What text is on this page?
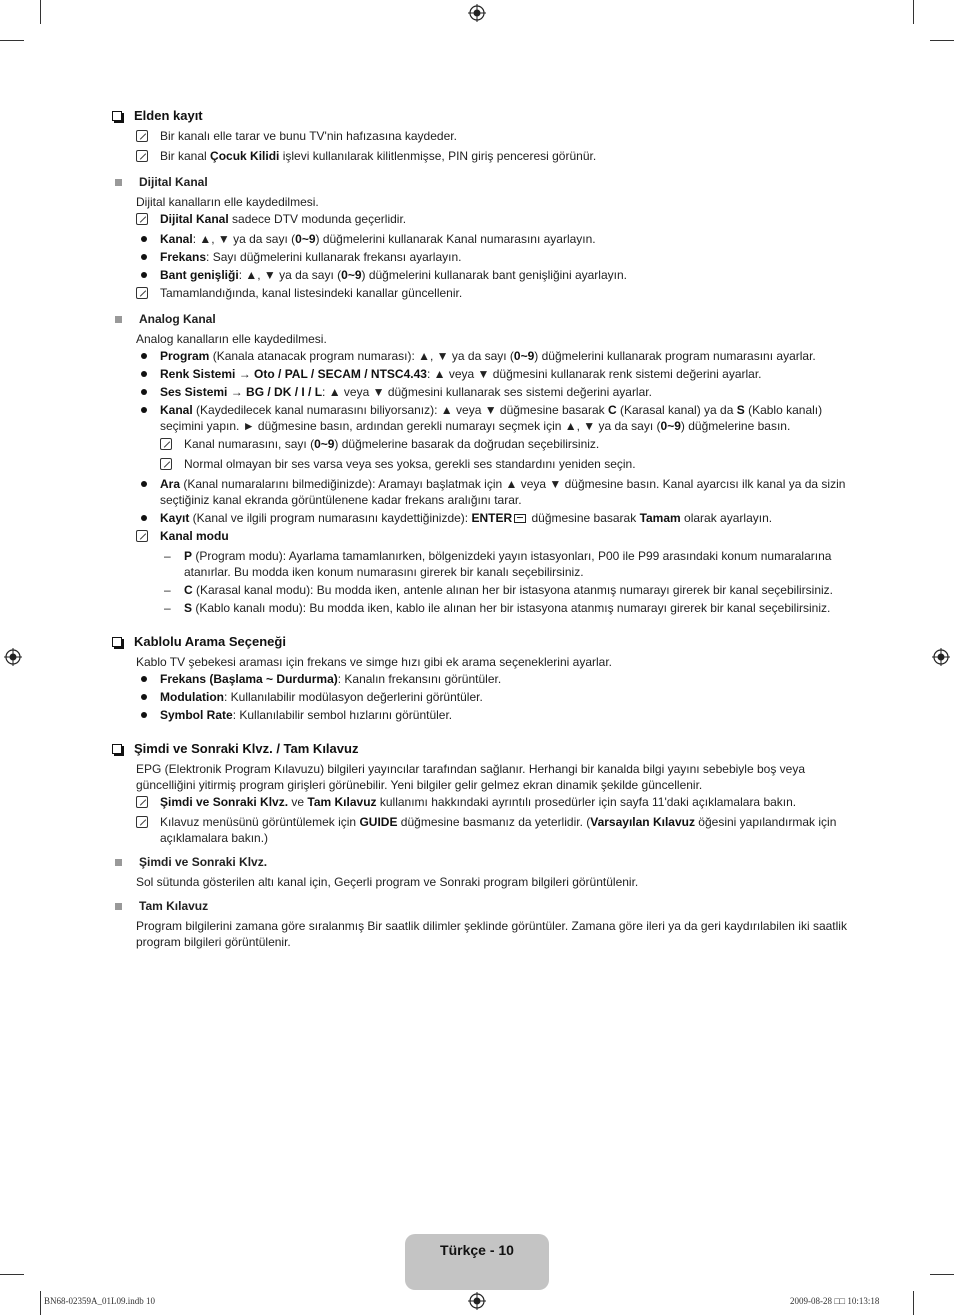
Elden kayıt
Bir kanalı elle tarar ve bunu TV'nin hafızasına kaydeder.
Bir kanal Çocuk Kilidi işlevi kullanılarak kilitlenmişse, PIN giriş penceresi görünür.
Dijital Kanal
Dijital kanalların elle kaydedilmesi.
Dijital Kanal sadece DTV modunda geçerlidir.
Kanal: ▲, ▼ ya da sayı (0~9) düğmelerini kullanarak Kanal numarasını ayarlayın.
Frekans: Sayı düğmelerini kullanarak frekansı ayarlayın.
Bant genişliği: ▲, ▼ ya da sayı (0~9) düğmelerini kullanarak bant genişliğini ayarlayın.
Tamamlandığında, kanal listesindeki kanallar güncellenir.
Analog Kanal
Analog kanalların elle kaydedilmesi.
Program (Kanala atanacak program numarası): ▲, ▼ ya da sayı (0~9) düğmelerini kullanarak program numarasını ayarlar.
Renk Sistemi → Oto / PAL / SECAM / NTSC4.43: ▲ veya ▼ düğmesini kullanarak renk sistemi değerini ayarlar.
Ses Sistemi → BG / DK / I / L: ▲ veya ▼ düğmesini kullanarak ses sistemi değerini ayarlar.
Kanal (Kaydedilecek kanal numarasını biliyorsanız): ▲ veya ▼ düğmesine basarak C (Karasal kanal) ya da S (Kablo kanalı) seçimini yapın. ► düğmesine basın, ardından gerekli numarayı seçmek için ▲, ▼ ya da sayı (0~9) düğmelerine basın.
Kanal numarasını, sayı (0~9) düğmelerine basarak da doğrudan seçebilirsiniz.
Normal olmayan bir ses varsa veya ses yoksa, gerekli ses standardını yeniden seçin.
Ara (Kanal numaralarını bilmediğinizde): Aramayı başlatmak için ▲ veya ▼ düğmesine basın. Kanal ayarcısı ilk kanal ya da sizin seçtiğiniz kanal ekranda görüntülenene kadar frekans aralığını tarar.
Kayıt (Kanal ve ilgili program numarasını kaydettiğinizde): ENTER düğmesine basarak Tamam olarak ayarlayın.
Kanal modu
–
P (Program modu): Ayarlama tamamlanırken, bölgenizdeki yayın istasyonları, P00 ile P99 arasındaki konum numaralarına atanırlar. Bu modda iken konum numarasını girerek bir kanalı seçebilirsiniz.
–
C (Karasal kanal modu): Bu modda iken, antenle alınan her bir istasyona atanmış numarayı girerek bir kanal seçebilirsiniz.
–
S (Kablo kanalı modu): Bu modda iken, kablo ile alınan her bir istasyona atanmış numarayı girerek bir kanal seçebilirsiniz.
Kablolu Arama Seçeneği
Kablo TV şebekesi araması için frekans ve simge hızı gibi ek arama seçeneklerini ayarlar.
Frekans (Başlama ~ Durdurma): Kanalın frekansını görüntüler.
Modulation: Kullanılabilir modülasyon değerlerini görüntüler.
Symbol Rate: Kullanılabilir sembol hızlarını görüntüler.
Şimdi ve Sonraki Klvz. / Tam Kılavuz
EPG (Elektronik Program Kılavuzu) bilgileri yayıncılar tarafından sağlanır. Herhangi bir kanalda bilgi yayını sebebiyle boş veya güncelliğini yitirmiş program girişleri görünebilir. Yeni bilgiler gelir gelmez ekran dinamik şekilde güncellenir.
Şimdi ve Sonraki Klvz. ve Tam Kılavuz kullanımı hakkındaki ayrıntılı prosedürler için sayfa 11'daki açıklamalara bakın.
Kılavuz menüsünü görüntülemek için GUIDE düğmesine basmanız da yeterlidir. (Varsayılan Kılavuz öğesini yapılandırmak için açıklamalara bakın.)
Şimdi ve Sonraki Klvz.
Sol sütunda gösterilen altı kanal için, Geçerli program ve Sonraki program bilgileri görüntülenir.
Tam Kılavuz
Program bilgilerini zamana göre sıralanmış Bir saatlik dilimler şeklinde görüntüler. Zamana göre ileri ya da geri kaydırılabilen iki saatlik program bilgileri görüntülenir.
Türkçe - 10
BN68-02359A_01L09.indb 10	2009-08-28 □□ 10:13:18
